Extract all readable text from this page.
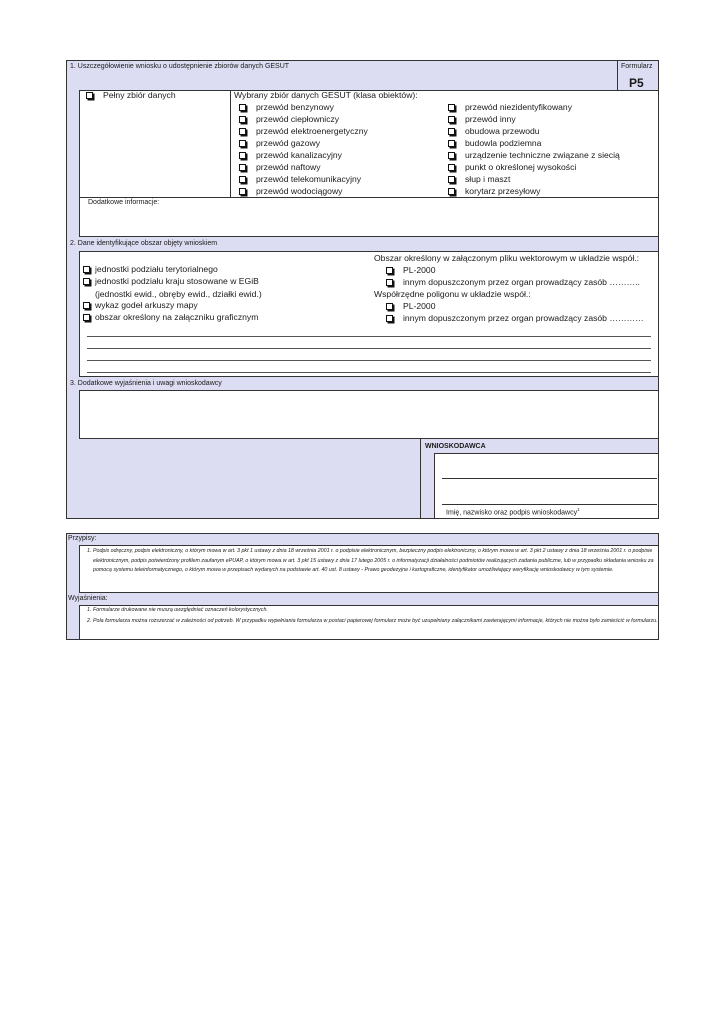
1. Uszczegółowienie wniosku o udostępnienie zbiorów danych GESUT	Formularz
P5
Pełny zbiór danych	Wybrany zbiór danych GESUT (klasa obiektów):
przewód benzynowy
przewód ciepłowniczy
przewód elektroenergetyczny
przewód gazowy
przewód kanalizacyjny
przewód naftowy
przewód telekomunikacyjny
przewód wodociągowy
przewód niezidentyfikowany
przewód inny
obudowa przewodu
budowla podziemna
urządzenie techniczne związane z siecią
punkt o określonej wysokości
słup i maszt
korytarz przesyłowy
Dodatkowe informacje:
2. Dane identyfikujące obszar objęty wnioskiem
jednostki podziału terytorialnego
jednostki podziału kraju stosowane w EGiB
(jednostki ewid., obręby ewid., działki ewid.)
wykaz godeł arkuszy mapy
obszar określony na załączniku graficznym
Obszar określony w załączonym pliku wektorowym w układzie współ.:
PL-2000
innym dopuszczonym przez organ prowadzący zasób ………..
Współrzędne poligonu w układzie współ.:
PL-2000
innym dopuszczonym przez organ prowadzący zasób …………
3. Dodatkowe wyjaśnienia i uwagi wnioskodawcy
WNIOSKODAWCA
Imię, nazwisko oraz podpis wnioskodawcy$^1$
Przypisy:
1. Podpis odręczny, podpis elektroniczny, o którym mowa w art. 3 pkt 1 ustawy z dnia 18 września 2001 r. o podpisie elektronicznym, bezpieczny podpis elektroniczny, o którym mowa w art. 3 pkt 2 ustawy z dnia 18 września 2001 r. o podpisie elektronicznym, podpis potwierdzony profilem zaufanym ePUAP, o którym mowa w art. 3 pkt 15 ustawy z dnia 17 lutego 2005 r. o informatyzacji działalności podmiotów realizujących zadania publiczne, lub w przypadku składania wniosku za pomocą systemu teleinformatycznego, o którym mowa w przepisach wydanych na podstawie art. 40 ust. 8 ustawy - Prawo geodezyjne i kartograficzne, identyfikator umożliwiający weryfikację wnioskodawcy w tym systemie.
Wyjaśnienia:
1. Formularze drukowane nie muszą uwzględniać oznaczeń kolorystycznych.
2. Pola formularza można rozszerzać w zależności od potrzeb. W przypadku wypełniania formularza w postaci papierowej formularz może być uzupełniany załącznikami zawierającymi informacje, których nie można było zamieścić w formularzu.
